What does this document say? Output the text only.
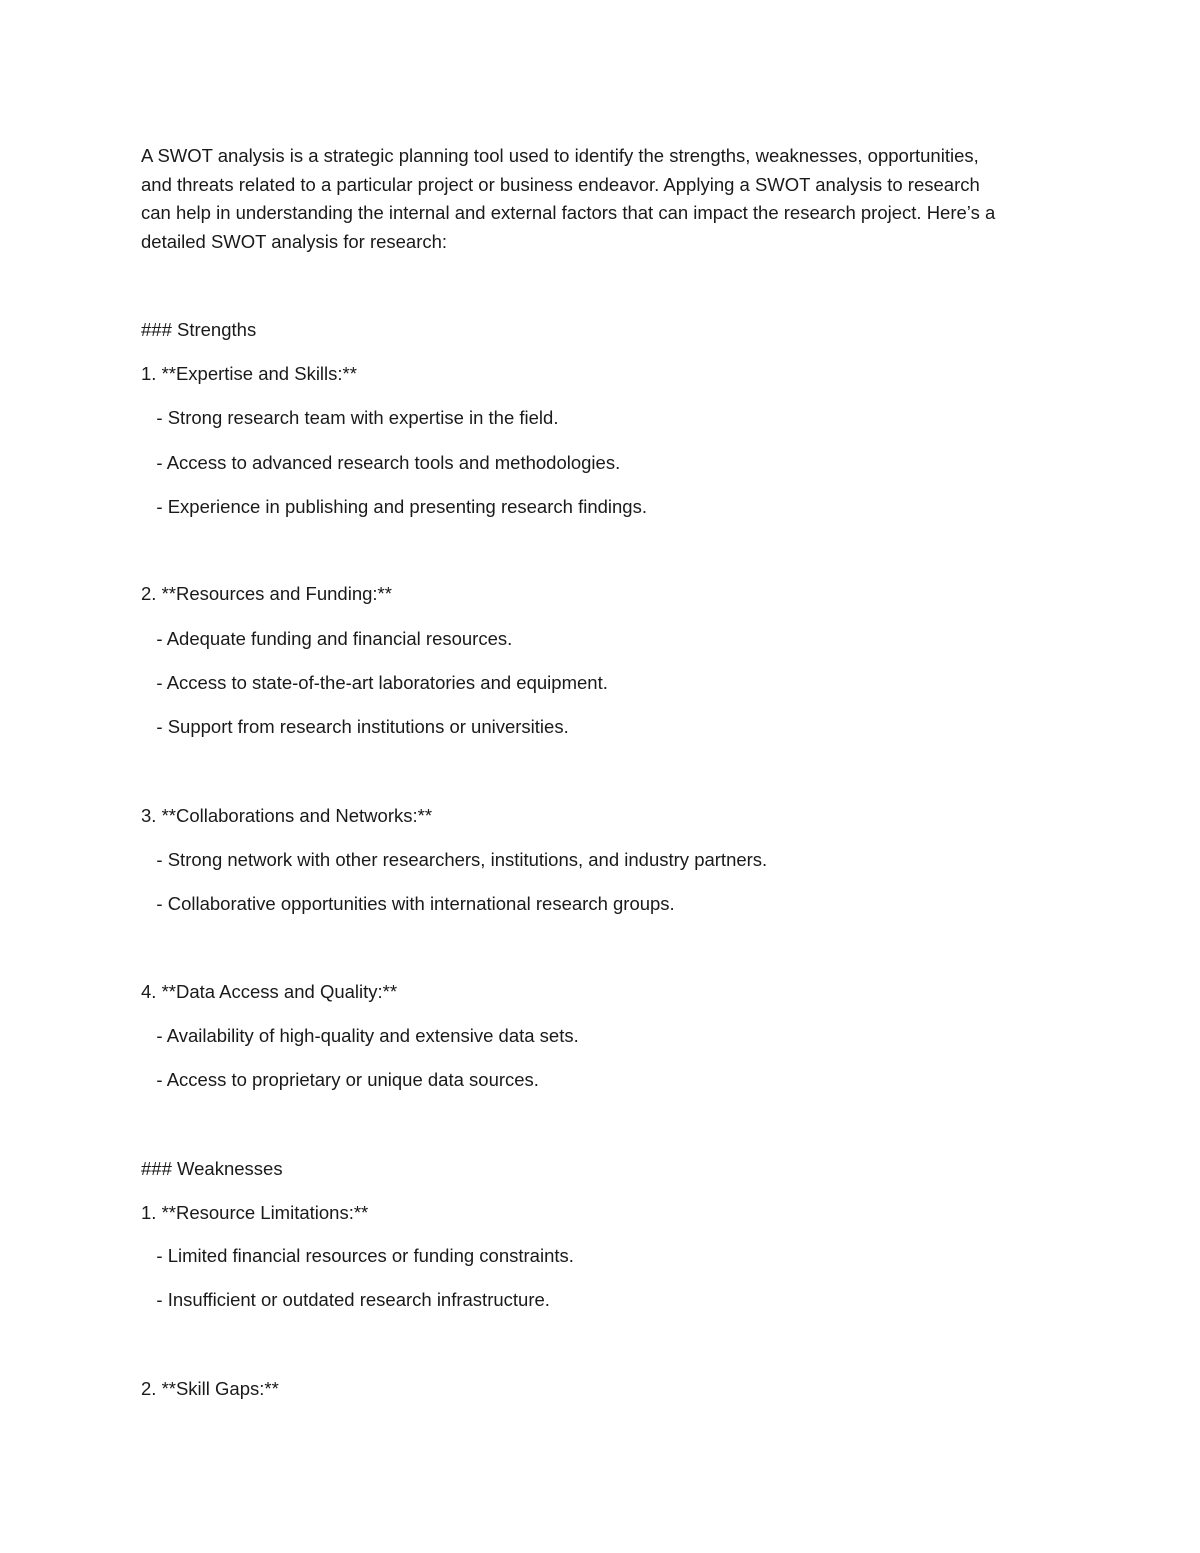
A SWOT analysis is a strategic planning tool used to identify the strengths, weaknesses, opportunities,
and threats related to a particular project or business endeavor. Applying a SWOT analysis to research
can help in understanding the internal and external factors that can impact the research project. Here’s a
detailed SWOT analysis for research:

### Strengths

1. **Expertise and Skills:**

- Strong research team with expertise in the field.

- Access to advanced research tools and methodologies.

- Experience in publishing and presenting research findings.

2. **Resources and Funding:**

- Adequate funding and financial resources.

- Access to state-of-the-art laboratories and equipment.

- Support from research institutions or universities.

3. **Collaborations and Networks:**

- Strong network with other researchers, institutions, and industry partners.

- Collaborative opportunities with international research groups.

4. **Data Access and Quality:**

- Availability of high-quality and extensive data sets.

- Access to proprietary or unique data sources.

### Weaknesses

1. **Resource Limitations:**

- Limited financial resources or funding constraints.

- Insufficient or outdated research infrastructure.

2. **Skill Gaps:**
